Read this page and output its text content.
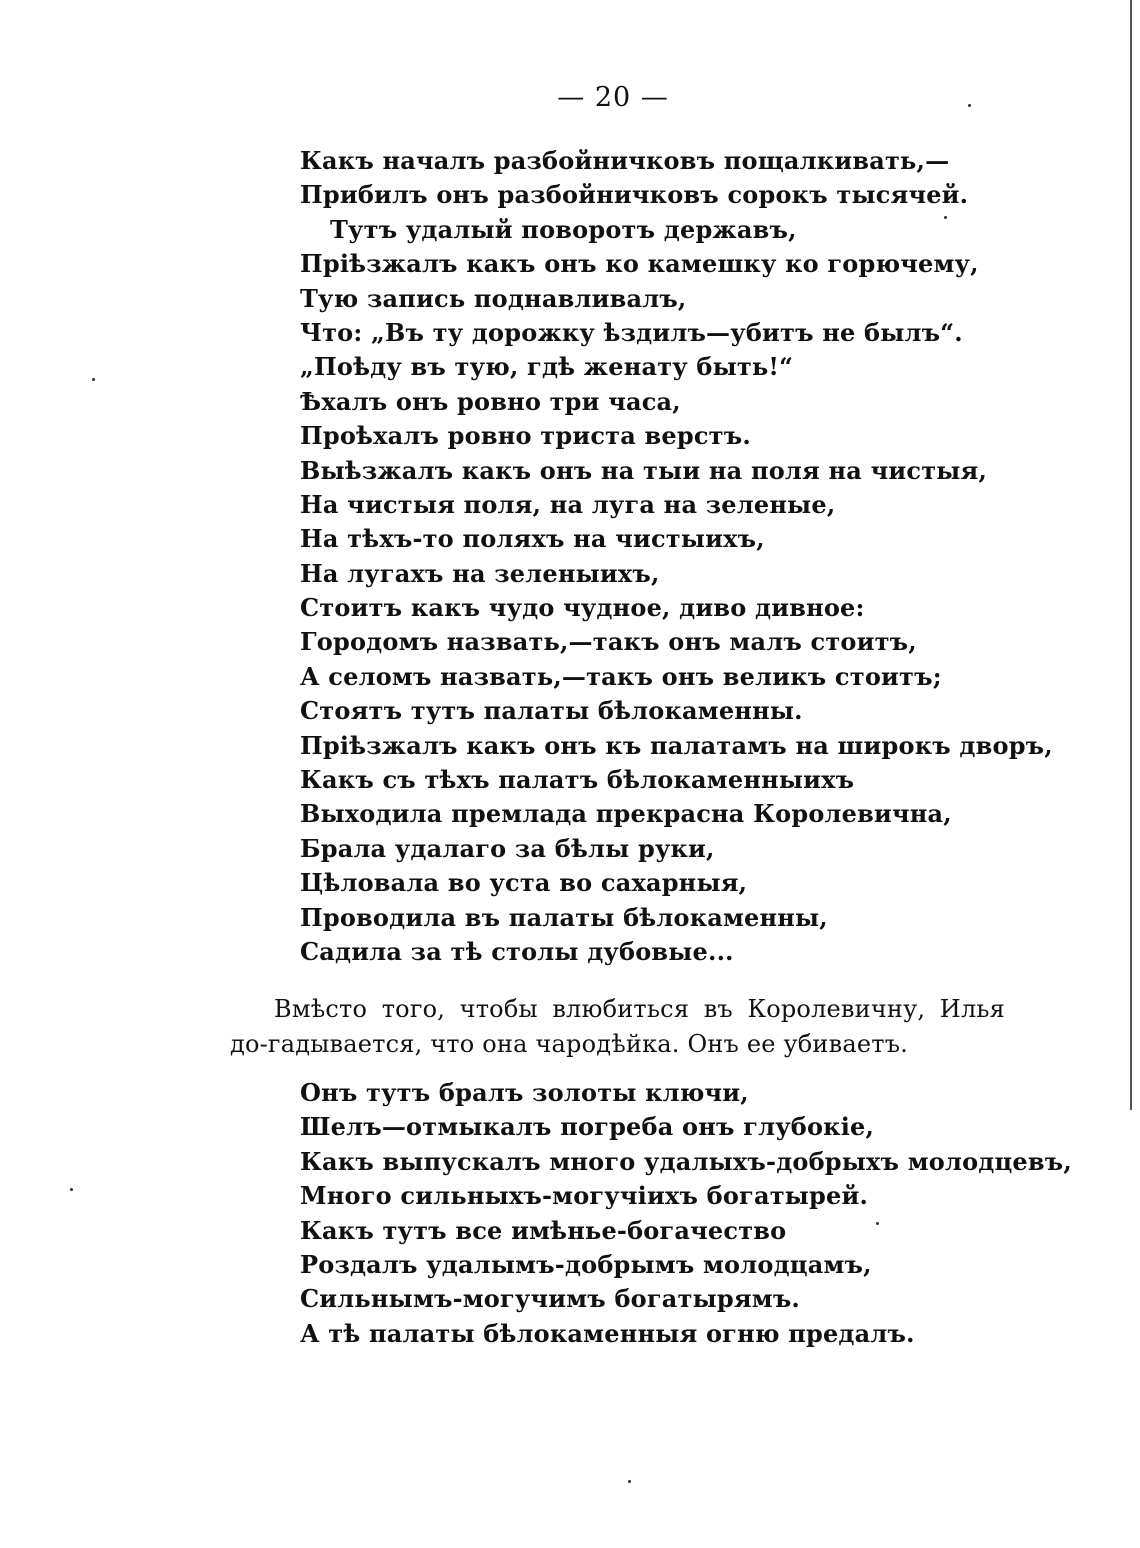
— 20 —

Какъ началъ разбойничковъ пощалкивать,—
Прибилъ онъ разбойничковъ сорокъ тысячей.
Тутъ удалый поворотъ державъ,
Пріѣзжалъ какъ онъ ко камешку ко горючему,
Тую запись поднавливалъ,
Что: „Въ ту дорожку ѣздилъ—убитъ не былъ“.
„Поѣду въ тую, гдѣ женату быть!“
Ѣхалъ онъ ровно три часа,
Проѣхалъ ровно триста верстъ.
Выѣзжалъ какъ онъ на тыи на поля на чистыя,
На чистыя поля, на луга на зеленые,
На тѣхъ-то поляхъ на чистыихъ,
На лугахъ на зеленыихъ,
Стоитъ какъ чудо чудное, диво дивное:
Городомъ назвать,—такъ онъ малъ стоитъ,
А селомъ назвать,—такъ онъ великъ стоитъ;
Стоятъ тутъ палаты бѣлокаменны.
Пріѣзжалъ какъ онъ къ палатамъ на широкъ дворъ,
Какъ съ тѣхъ палатъ бѣлокаменныихъ
Выходила премлада прекрасна Королевична,
Брала удалаго за бѣлы руки,
Цѣловала во уста во сахарныя,
Проводила въ палаты бѣлокаменны,
Садила за тѣ столы дубовые...

Вмѣсто того, чтобы влюбиться въ Королевичну, Илья до-гадывается, что она чародѣйка. Онъ ее убиваетъ.

Онъ тутъ бралъ золоты ключи,
Шелъ—отмыкалъ погреба онъ глубокіе,
Какъ выпускалъ много удалыхъ-добрыхъ молодцевъ,
Много сильныхъ-могучіихъ богатырей.
Какъ тутъ все имѣнье-богачество
Роздалъ удалымъ-добрымъ молодцамъ,
Сильнымъ-могучимъ богатырямъ.
А тѣ палаты бѣлокаменныя огню предалъ.
